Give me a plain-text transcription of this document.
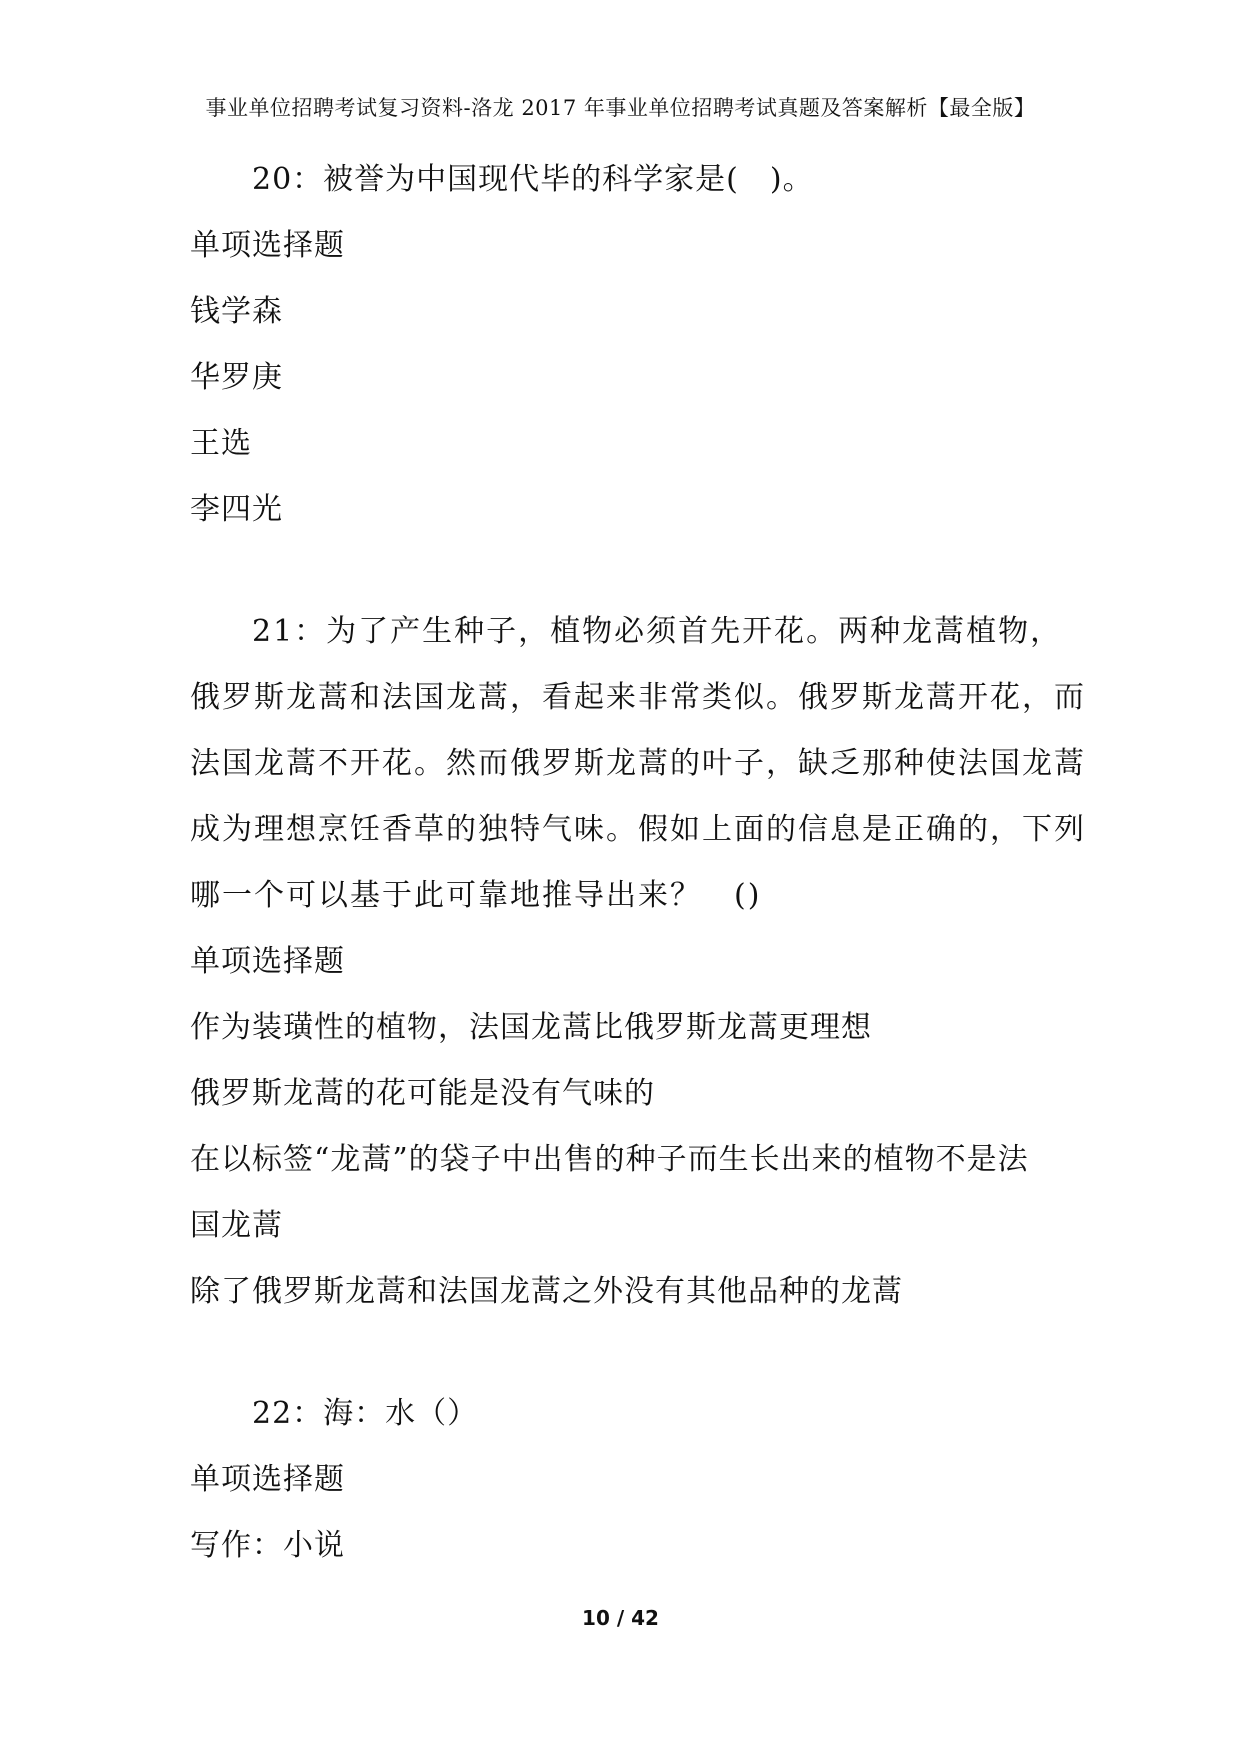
事业单位招聘考试复习资料-洛龙 2017 年事业单位招聘考试真题及答案解析【最全版】
20：被誉为中国现代毕的科学家是(　)。
单项选择题
钱学森
华罗庚
王选
李四光
21：为了产生种子，植物必须首先开花。两种龙蒿植物，
俄罗斯龙蒿和法国龙蒿，看起来非常类似。俄罗斯龙蒿开花，而
法国龙蒿不开花。然而俄罗斯龙蒿的叶子，缺乏那种使法国龙蒿
成为理想烹饪香草的独特气味。假如上面的信息是正确的，下列
哪一个可以基于此可靠地推导出来？　()
单项选择题
作为装璜性的植物，法国龙蒿比俄罗斯龙蒿更理想
俄罗斯龙蒿的花可能是没有气味的
在以标签“龙蒿”的袋子中出售的种子而生长出来的植物不是法
国龙蒿
除了俄罗斯龙蒿和法国龙蒿之外没有其他品种的龙蒿
22：海：水（）
单项选择题
写作：小说
10 / 42
